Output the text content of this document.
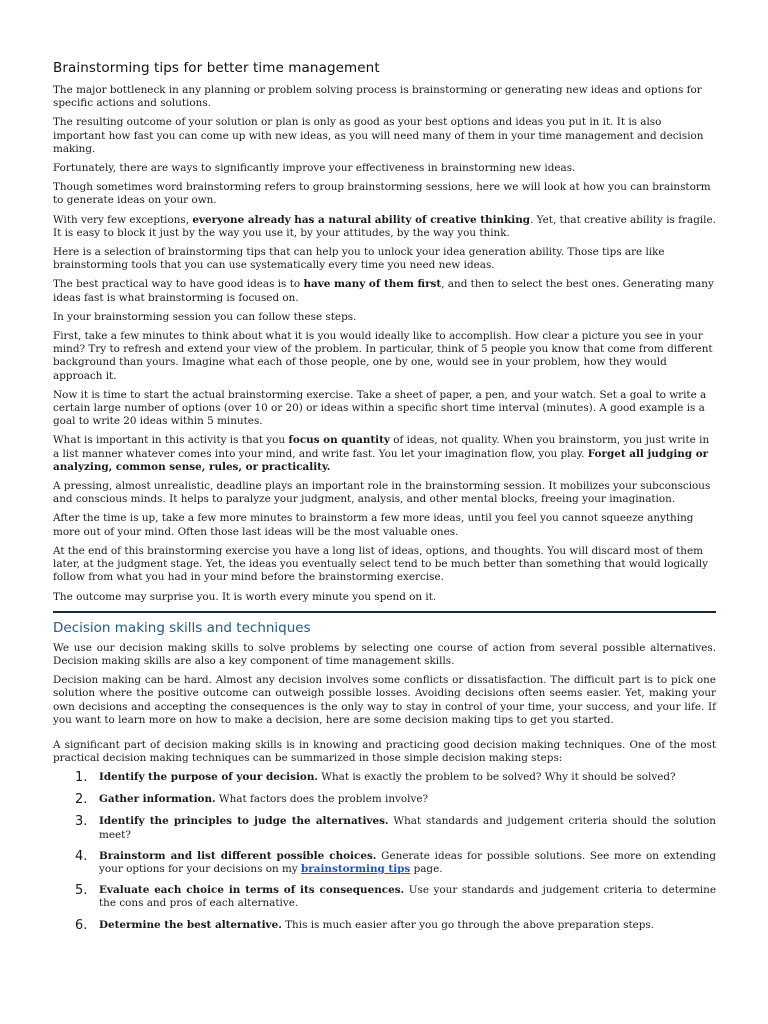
Brainstorming tips for better time management

The major bottleneck in any planning or problem solving process is brainstorming or generating new ideas and options for specific actions and solutions.

The resulting outcome of your solution or plan is only as good as your best options and ideas you put in it. It is also important how fast you can come up with new ideas, as you will need many of them in your time management and decision making.

Fortunately, there are ways to significantly improve your effectiveness in brainstorming new ideas.

Though sometimes word brainstorming refers to group brainstorming sessions, here we will look at how you can brainstorm to generate ideas on your own.

With very few exceptions, everyone already has a natural ability of creative thinking. Yet, that creative ability is fragile. It is easy to block it just by the way you use it, by your attitudes, by the way you think.

Here is a selection of brainstorming tips that can help you to unlock your idea generation ability. Those tips are like brainstorming tools that you can use systematically every time you need new ideas.

The best practical way to have good ideas is to have many of them first, and then to select the best ones. Generating many ideas fast is what brainstorming is focused on.

In your brainstorming session you can follow these steps.

First, take a few minutes to think about what it is you would ideally like to accomplish. How clear a picture you see in your mind? Try to refresh and extend your view of the problem. In particular, think of 5 people you know that come from different background than yours. Imagine what each of those people, one by one, would see in your problem, how they would approach it.

Now it is time to start the actual brainstorming exercise. Take a sheet of paper, a pen, and your watch. Set a goal to write a certain large number of options (over 10 or 20) or ideas within a specific short time interval (minutes). A good example is a goal to write 20 ideas within 5 minutes.

What is important in this activity is that you focus on quantity of ideas, not quality. When you brainstorm, you just write in a list manner whatever comes into your mind, and write fast. You let your imagination flow, you play. Forget all judging or analyzing, common sense, rules, or practicality.

A pressing, almost unrealistic, deadline plays an important role in the brainstorming session. It mobilizes your subconscious and conscious minds. It helps to paralyze your judgment, analysis, and other mental blocks, freeing your imagination.

After the time is up, take a few more minutes to brainstorm a few more ideas, until you feel you cannot squeeze anything more out of your mind. Often those last ideas will be the most valuable ones.

At the end of this brainstorming exercise you have a long list of ideas, options, and thoughts. You will discard most of them later, at the judgment stage. Yet, the ideas you eventually select tend to be much better than something that would logically follow from what you had in your mind before the brainstorming exercise.

The outcome may surprise you. It is worth every minute you spend on it.

Decision making skills and techniques

We use our decision making skills to solve problems by selecting one course of action from several possible alternatives. Decision making skills are also a key component of time management skills.

Decision making can be hard. Almost any decision involves some conflicts or dissatisfaction. The difficult part is to pick one solution where the positive outcome can outweigh possible losses. Avoiding decisions often seems easier. Yet, making your own decisions and accepting the consequences is the only way to stay in control of your time, your success, and your life. If you want to learn more on how to make a decision, here are some decision making tips to get you started.

A significant part of decision making skills is in knowing and practicing good decision making techniques. One of the most practical decision making techniques can be summarized in those simple decision making steps:

1.	Identify the purpose of your decision. What is exactly the problem to be solved? Why it should be solved?
2.	Gather information. What factors does the problem involve?
3.	Identify the principles to judge the alternatives. What standards and judgement criteria should the solution meet?
4.	Brainstorm and list different possible choices. Generate ideas for possible solutions. See more on extending your options for your decisions on my brainstorming tips page.
5.	Evaluate each choice in terms of its consequences. Use your standards and judgement criteria to determine the cons and pros of each alternative.
6.	Determine the best alternative. This is much easier after you go through the above preparation steps.
